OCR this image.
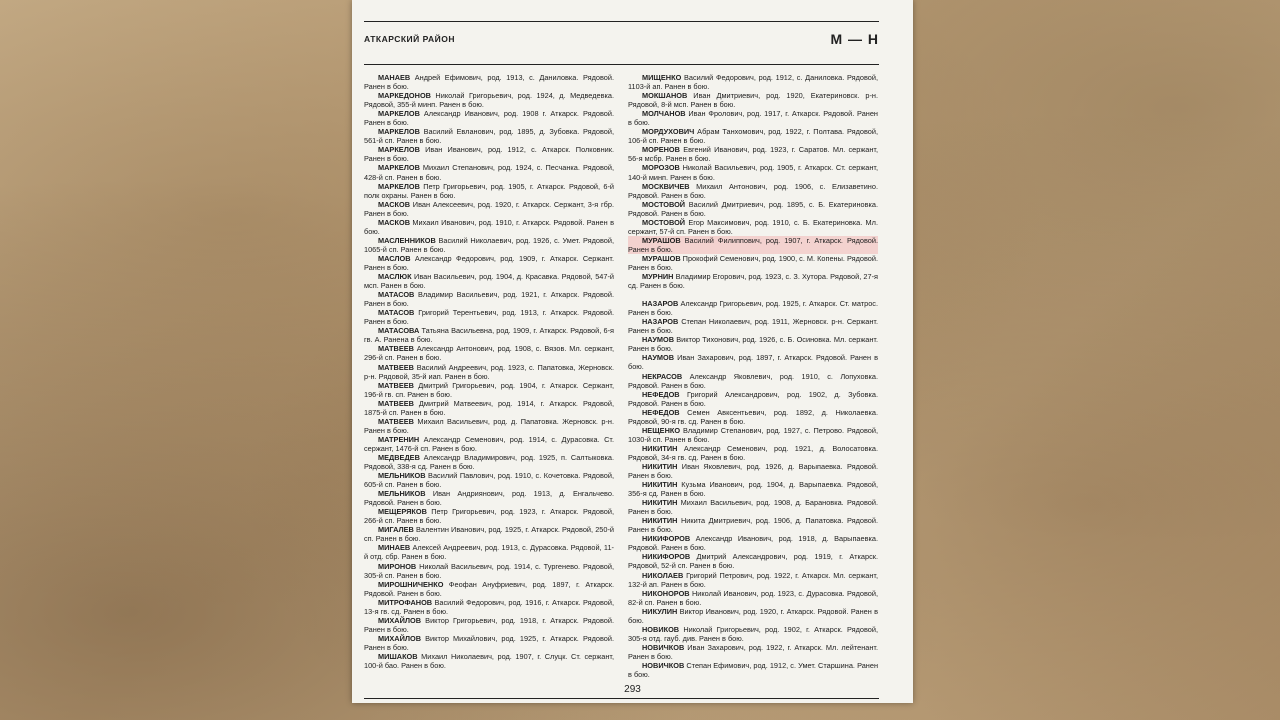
АТКАРСКИЙ РАЙОН	М — Н
МАНАЕВ Андрей Ефимович, род. 1913, с. Даниловка. Рядовой. Ранен в бою.
МАРКЕДОНОВ Николай Григорьевич, род. 1924, д. Медведевка. Рядовой, 355-й минп. Ранен в бою.
МАРКЕЛОВ Александр Иванович, род. 1908 г. Аткарск. Рядовой. Ранен в бою.
МАРКЕЛОВ Василий Евланович, род. 1895, д. Зубовка. Рядовой, 561-й сп. Ранен в бою.
МАРКЕЛОВ Иван Иванович, род. 1912, с. Аткарск. Полковник. Ранен в бою.
МАРКЕЛОВ Михаил Степанович, род. 1924, с. Песчанка. Рядовой, 428-й сп. Ранен в бою.
МАРКЕЛОВ Петр Григорьевич, род. 1905, г. Аткарск. Рядовой, 6-й полк охраны. Ранен в бою.
МАСКОВ Иван Алексеевич, род. 1920, г. Аткарск. Сержант, 3-я гбр. Ранен в бою.
МАСКОВ Михаил Иванович, род. 1910, г. Аткарск. Рядовой. Ранен в бою.
МАСЛЕННИКОВ Василий Николаевич, род. 1926, с. Умет. Рядовой, 1065-й сп. Ранен в бою.
МАСЛОВ Александр Федорович, род. 1909, г. Аткарск. Сержант. Ранен в бою.
МАСЛЮК Иван Васильевич, род. 1904, д. Красавка. Рядовой, 547-й мсп. Ранен в бою.
МАТАСОВ Владимир Васильевич, род. 1921, г. Аткарск. Рядовой. Ранен в бою.
МАТАСОВ Григорий Терентьевич, род. 1913, г. Аткарск. Рядовой. Ранен в бою.
МАТАСОВА Татьяна Васильевна, род. 1909, г. Аткарск. Рядовой, 6-я гв. А. Ранена в бою.
МАТВЕЕВ Александр Антонович, род. 1908, с. Вязов. Мл. сержант, 296-й сп. Ранен в бою.
МАТВЕЕВ Василий Андреевич, род. 1923, с. Папатовка, Жерновск. р-н. Рядовой, 35-й иап. Ранен в бою.
МАТВЕЕВ Дмитрий Григорьевич, род. 1904, г. Аткарск. Сержант, 196-й гв. сп. Ранен в бою.
МАТВЕЕВ Дмитрий Матвеевич, род. 1914, г. Аткарск. Рядовой, 1875-й сп. Ранен в бою.
МАТВЕЕВ Михаил Васильевич, род. д. Папатовка. Жерновск. р-н. Ранен в бою.
МАТРЕНИН Александр Семенович, род. 1914, с. Дурасовка. Ст. сержант, 1476-й сп. Ранен в бою.
МЕДВЕДЕВ Александр Владимирович, род. 1925, п. Салтыковка. Рядовой, 338-я сд. Ранен в бою.
МЕЛЬНИКОВ Василий Павлович, род. 1910, с. Кочетовка. Рядовой, 605-й сп. Ранен в бою.
МЕЛЬНИКОВ Иван Андриянович, род. 1913, д. Енгальчево. Рядовой. Ранен в бою.
МЕЩЕРЯКОВ Петр Григорьевич, род. 1923, г. Аткарск. Рядовой, 266-й сп. Ранен в бою.
МИГАЛЕВ Валентин Иванович, род. 1925, г. Аткарск. Рядовой, 250-й сп. Ранен в бою.
МИНАЕВ Алексей Андреевич, род. 1913, с. Дурасовка. Рядовой, 11-й отд. сбр. Ранен в бою.
МИРОНОВ Николай Васильевич, род. 1914, с. Тургенево. Рядовой, 305-й сп. Ранен в бою.
МИРОШНИЧЕНКО Феофан Ануфриевич, род. 1897, г. Аткарск. Рядовой. Ранен в бою.
МИТРОФАНОВ Василий Федорович, род. 1916, г. Аткарск. Рядовой, 13-я гв. сд. Ранен в бою.
МИХАЙЛОВ Виктор Григорьевич, род. 1918, г. Аткарск. Рядовой. Ранен в бою.
МИХАЙЛОВ Виктор Михайлович, род. 1925, г. Аткарск. Рядовой. Ранен в бою.
МИШАКОВ Михаил Николаевич, род. 1907, г. Слуцк. Ст. сержант, 100-й бао. Ранен в бою.
МИЩЕНКО Василий Федорович, род. 1912, с. Даниловка. Рядовой, 1103-й ап. Ранен в бою.
МОКШАНОВ Иван Дмитриевич, род. 1920, Екатериновск. р-н. Рядовой, 8-й мсп. Ранен в бою.
МОЛЧАНОВ Иван Фролович, род. 1917, г. Аткарск. Рядовой. Ранен в бою.
МОРДУХОВИЧ Абрам Танхомович, род. 1922, г. Полтава. Рядовой, 106-й сп. Ранен в бою.
МОРЕНОВ Евгений Иванович, род. 1923, г. Саратов. Мл. сержант, 56-я мсбр. Ранен в бою.
МОРОЗОВ Николай Васильевич, род. 1905, г. Аткарск. Ст. сержант, 140-й минп. Ранен в бою.
МОСКВИЧЕВ Михаил Антонович, род. 1906, с. Елизаветино. Рядовой. Ранен в бою.
МОСТОВОЙ Василий Дмитриевич, род. 1895, с. Б. Екатериновка. Рядовой. Ранен в бою.
МОСТОВОЙ Егор Максимович, род. 1910, с. Б. Екатериновка. Мл. сержант, 57-й сп. Ранен в бою.
МУРАШОВ Василий Филиппович, род. 1907, г. Аткарск. Рядовой. Ранен в бою.
МУРАШОВ Прокофий Семенович, род. 1900, с. М. Копены. Рядовой. Ранен в бою.
МУРНИН Владимир Егорович, род. 1923, с. З. Хутора. Рядовой, 27-я сд. Ранен в бою.
НАЗАРОВ Александр Григорьевич, род. 1925, г. Аткарск. Ст. матрос. Ранен в бою.
НАЗАРОВ Степан Николаевич, род. 1911, Жерновск. р-н. Сержант. Ранен в бою.
НАУМОВ Виктор Тихонович, род. 1926, с. Б. Осиновка. Мл. сержант. Ранен в бою.
НАУМОВ Иван Захарович, род. 1897, г. Аткарск. Рядовой. Ранен в бою.
НЕКРАСОВ Александр Яковлевич, род. 1910, с. Лопуховка. Рядовой. Ранен в бою.
НЕФЕДОВ Григорий Александрович, род. 1902, д. Зубовка. Рядовой. Ранен в бою.
НЕФЕДОВ Семен Авксентьевич, род. 1892, д. Николаевка. Рядовой, 90-я гв. сд. Ранен в бою.
НЕЩЕНКО Владимир Степанович, род. 1927, с. Петрово. Рядовой, 1030-й сп. Ранен в бою.
НИКИТИН Александр Семенович, род. 1921, д. Волосатовка. Рядовой, 34-я гв. сд. Ранен в бою.
НИКИТИН Иван Яковлевич, род. 1926, д. Варыпаевка. Рядовой. Ранен в бою.
НИКИТИН Кузьма Иванович, род. 1904, д. Варыпаевка. Рядовой, 356-я сд. Ранен в бою.
НИКИТИН Михаил Васильевич, род. 1908, д. Барановка. Рядовой. Ранен в бою.
НИКИТИН Никита Дмитриевич, род. 1906, д. Папатовка. Рядовой. Ранен в бою.
НИКИФОРОВ Александр Иванович, род. 1918, д. Варыпаевка. Рядовой. Ранен в бою.
НИКИФОРОВ Дмитрий Александрович, род. 1919, г. Аткарск. Рядовой, 52-й сп. Ранен в бою.
НИКОЛАЕВ Григорий Петрович, род. 1922, г. Аткарск. Мл. сержант, 132-й ап. Ранен в бою.
НИКОНОРОВ Николай Иванович, род. 1923, с. Дурасовка. Рядовой, 82-й сп. Ранен в бою.
НИКУЛИН Виктор Иванович, род. 1920, г. Аткарск. Рядовой. Ранен в бою.
НОВИКОВ Николай Григорьевич, род. 1902, г. Аткарск. Рядовой, 305-я отд. гауб. див. Ранен в бою.
НОВИЧКОВ Иван Захарович, род. 1922, г. Аткарск. Мл. лейтенант. Ранен в бою.
НОВИЧКОВ Степан Ефимович, род. 1912, с. Умет. Старшина. Ранен в бою.
293
